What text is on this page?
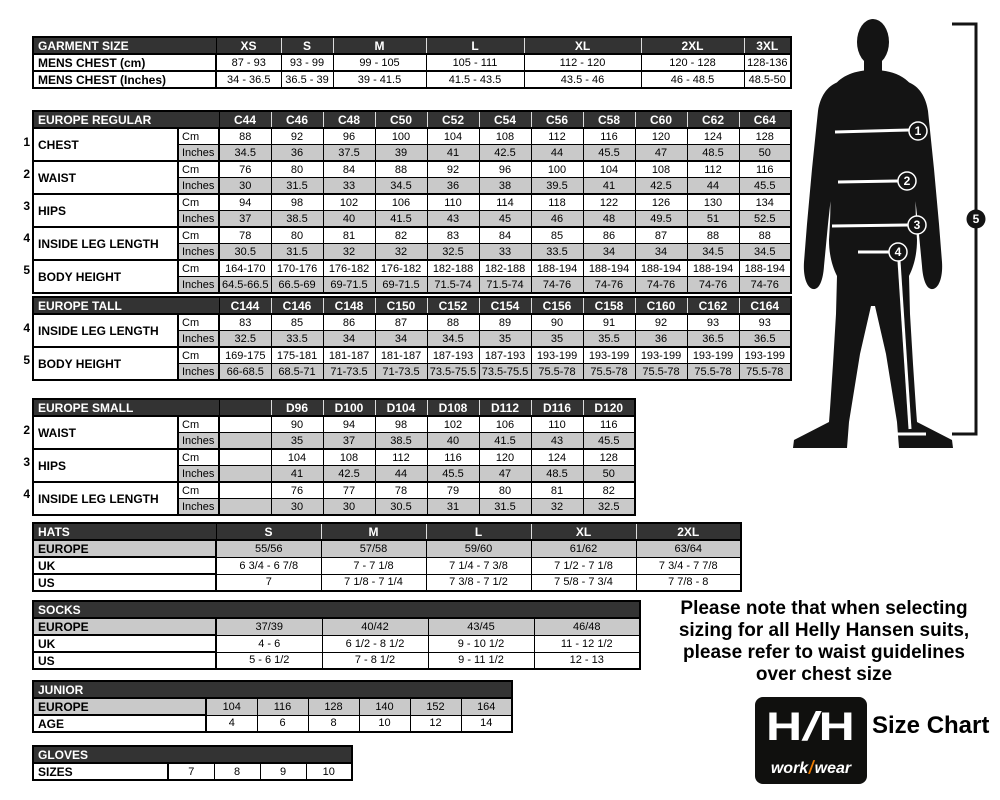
GARMENT SIZE	XS	S	M	L	XL	2XL	3XL
MENS CHEST (cm)	87 - 93	93 - 99	99 - 105	105 - 111	112 - 120	120 - 128	128-136
MENS CHEST (Inches)	34 - 36.5	36.5 - 39	39 - 41.5	41.5 - 43.5	43.5 - 46	46 - 48.5	48.5-50
EUROPE REGULAR		C44	C46	C48	C50	C52	C54	C56	C58	C60	C62	C64
CHEST	Cm	88	92	96	100	104	108	112	116	120	124	128
	Inches	34.5	36	37.5	39	41	42.5	44	45.5	47	48.5	50
WAIST	Cm	76	80	84	88	92	96	100	104	108	112	116
	Inches	30	31.5	33	34.5	36	38	39.5	41	42.5	44	45.5
HIPS	Cm	94	98	102	106	110	114	118	122	126	130	134
	Inches	37	38.5	40	41.5	43	45	46	48	49.5	51	52.5
INSIDE LEG LENGTH	Cm	78	80	81	82	83	84	85	86	87	88	88
	Inches	30.5	31.5	32	32	32.5	33	33.5	34	34	34.5	34.5
BODY HEIGHT	Cm	164-170	170-176	176-182	176-182	182-188	182-188	188-194	188-194	188-194	188-194	188-194
	Inches	64.5-66.5	66.5-69	69-71.5	69-71.5	71.5-74	71.5-74	74-76	74-76	74-76	74-76	74-76
1
2
3
4
5
EUROPE TALL		C144	C146	C148	C150	C152	C154	C156	C158	C160	C162	C164
INSIDE LEG LENGTH	Cm	83	85	86	87	88	89	90	91	92	93	93
	Inches	32.5	33.5	34	34	34.5	35	35	35.5	36	36.5	36.5
BODY HEIGHT	Cm	169-175	175-181	181-187	181-187	187-193	187-193	193-199	193-199	193-199	193-199	193-199
	Inches	66-68.5	68.5-71	71-73.5	71-73.5	73.5-75.5	73.5-75.5	75.5-78	75.5-78	75.5-78	75.5-78	75.5-78
4
5
EUROPE SMALL			D96	D100	D104	D108	D112	D116	D120
WAIST	Cm		90	94	98	102	106	110	116
	Inches		35	37	38.5	40	41.5	43	45.5
HIPS	Cm		104	108	112	116	120	124	128
	Inches		41	42.5	44	45.5	47	48.5	50
INSIDE LEG LENGTH	Cm		76	77	78	79	80	81	82
	Inches		30	30	30.5	31	31.5	32	32.5
2
3
4
HATS	S	M	L	XL	2XL
EUROPE	55/56	57/58	59/60	61/62	63/64
UK	6 3/4 - 6 7/8	7 - 7 1/8	7 1/4 - 7 3/8	7 1/2 - 7 1/8	7 3/4 - 7 7/8
US	7	7 1/8 - 7 1/4	7 3/8 - 7 1/2	7 5/8 - 7 3/4	7 7/8 - 8
SOCKS				
EUROPE	37/39	40/42	43/45	46/48
UK	4 - 6	6 1/2 - 8 1/2	9 - 10 1/2	11 - 12 1/2
US	5 - 6 1/2	7 - 8 1/2	9 - 11 1/2	12 - 13
JUNIOR						
EUROPE	104	116	128	140	152	164
AGE	4	6	8	10	12	14
GLOVES
SIZES	7	8	9	10
Please note that when selecting
sizing for all Helly Hansen suits,
please refer to waist guidelines
over chest size
1
2
3
4
5
H/H
work/wear
Size Chart
